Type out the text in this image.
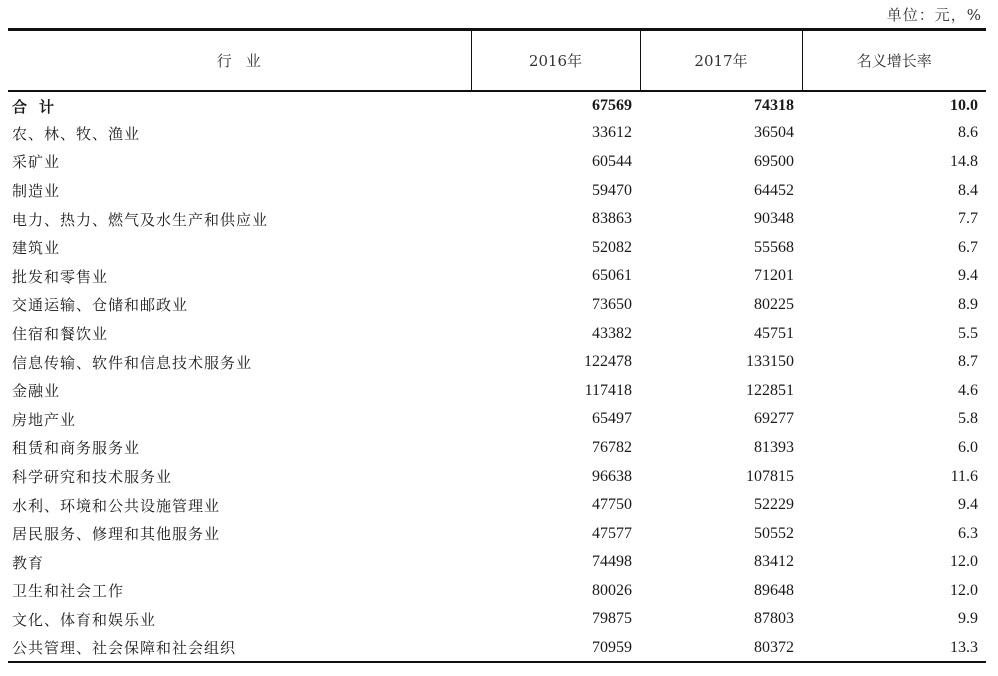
单位：元，%
行业	2016年	2017年	名义增长率
合计	67569	74318	10.0
农、林、牧、渔业	33612	36504	8.6
采矿业	60544	69500	14.8
制造业	59470	64452	8.4
电力、热力、燃气及水生产和供应业	83863	90348	7.7
建筑业	52082	55568	6.7
批发和零售业	65061	71201	9.4
交通运输、仓储和邮政业	73650	80225	8.9
住宿和餐饮业	43382	45751	5.5
信息传输、软件和信息技术服务业	122478	133150	8.7
金融业	117418	122851	4.6
房地产业	65497	69277	5.8
租赁和商务服务业	76782	81393	6.0
科学研究和技术服务业	96638	107815	11.6
水利、环境和公共设施管理业	47750	52229	9.4
居民服务、修理和其他服务业	47577	50552	6.3
教育	74498	83412	12.0
卫生和社会工作	80026	89648	12.0
文化、体育和娱乐业	79875	87803	9.9
公共管理、社会保障和社会组织	70959	80372	13.3
